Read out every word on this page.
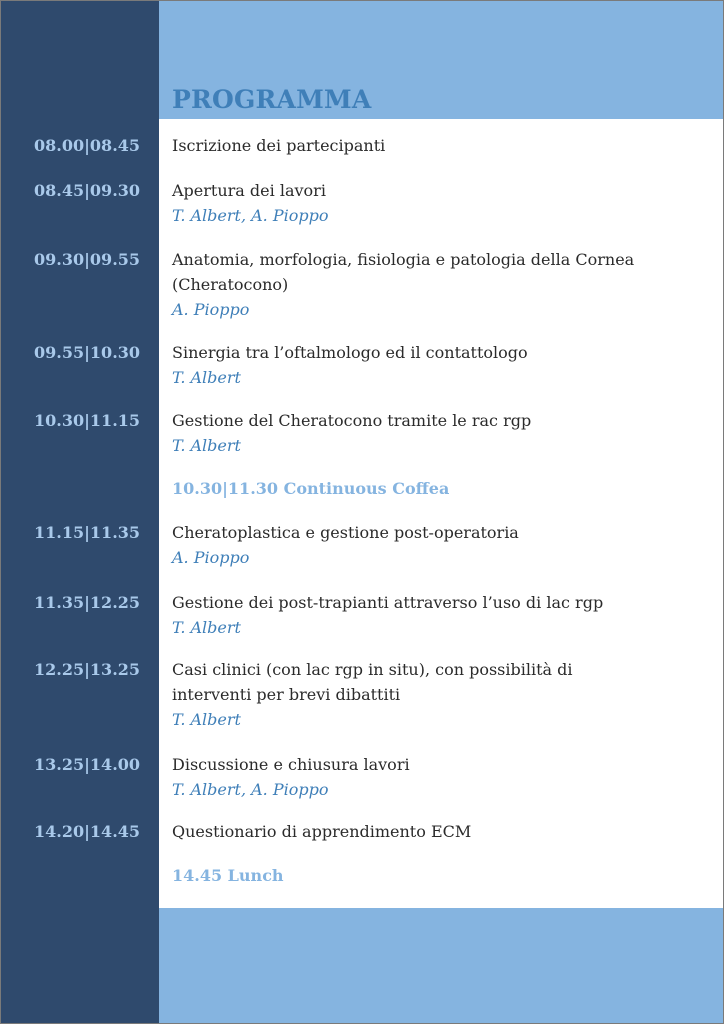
PROGRAMMA
08.00|08.45 Iscrizione dei partecipanti
08.45|09.30 Apertura dei lavori
T. Albert, A. Pioppo
09.30|09.55 Anatomia, morfologia, fisiologia e patologia della Cornea (Cheratocono)
A. Pioppo
09.55|10.30 Sinergia tra l’oftalmologo ed il contattologo
T. Albert
10.30|11.15 Gestione del Cheratocono tramite le rac rgp
T. Albert
10.30|11.30 Continuous Coffea
11.15|11.35 Cheratoplastica e gestione post-operatoria
A. Pioppo
11.35|12.25 Gestione dei post-trapianti attraverso l’uso di lac rgp
T. Albert
12.25|13.25 Casi clinici (con lac rgp in situ), con possibilità di interventi per brevi dibattiti
T. Albert
13.25|14.00 Discussione e chiusura lavori
T. Albert, A. Pioppo
14.20|14.45 Questionario di apprendimento ECM
14.45 Lunch
